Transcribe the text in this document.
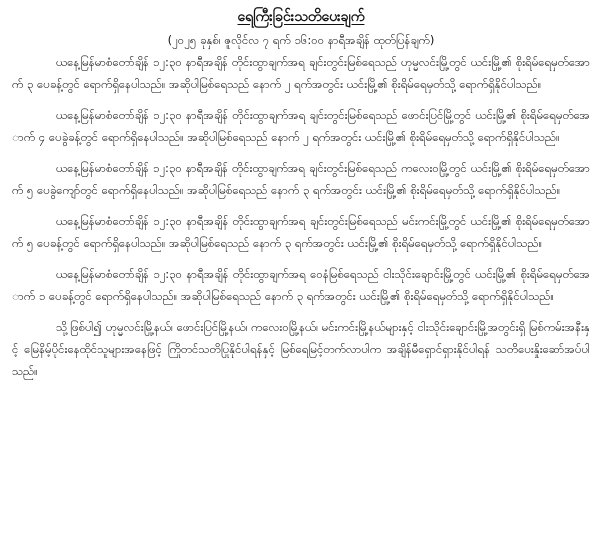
ရေကြီးခြင်းသတိပေးချက်
(၂၀၂၅ ခုနှစ်၊ ဇူလိုင်လ ၇ ရက် ၁၆:၀၀ နာရီအချိန် ထုတ်ပြန်ချက်)

ယနေ့မြန်မာစံတော်ချိန် ၁၂:၃၀ နာရီအချိန် တိုင်းထွာချက်အရ ချင်းတွင်းမြစ်ရေသည် ဟုမ္မလင်းမြို့တွင် ယင်းမြို့၏ စိုးရိမ်ရေမှတ်အောက် ၃ ပေခန့်တွင် ရောက်ရှိနေပါသည်။ အဆိုပါမြစ်ရေသည် နောက် ၂ ရက်အတွင်း ယင်းမြို့၏ စိုးရိမ်ရေမှတ်သို့ ရောက်ရှိနိုင်ပါသည်။

ယနေ့မြန်မာစံတော်ချိန် ၁၂:၃၀ နာရီအချိန် တိုင်းထွာချက်အရ ချင်းတွင်းမြစ်ရေသည် ဖောင်းပြင်မြို့တွင် ယင်းမြို့၏ စိုးရိမ်ရေမှတ်အောက် ၄ ပေခွဲခန့်တွင် ရောက်ရှိနေပါသည်။ အဆိုပါမြစ်ရေသည် နောက် ၂ ရက်အတွင်း ယင်းမြို့၏ စိုးရိမ်ရေမှတ်သို့ ရောက်ရှိနိုင်ပါသည်။

ယနေ့မြန်မာစံတော်ချိန် ၁၂:၃၀ နာရီအချိန် တိုင်းထွာချက်အရ ချင်းတွင်းမြစ်ရေသည် ကလေးဝမြို့တွင် ယင်းမြို့၏ စိုးရိမ်ရေမှတ်အောက် ၅ ပေခွဲကျော်တွင် ရောက်ရှိနေပါသည်။ အဆိုပါမြစ်ရေသည် နောက် ၃ ရက်အတွင်း ယင်းမြို့၏ စိုးရိမ်ရေမှတ်သို့ ရောက်ရှိနိုင်ပါသည်။

ယနေ့မြန်မာစံတော်ချိန် ၁၂:၃၀ နာရီအချိန် တိုင်းထွာချက်အရ ချင်းတွင်းမြစ်ရေသည် မင်းကင်းမြို့တွင် ယင်းမြို့၏ စိုးရိမ်ရေမှတ်အောက် ၅ ပေခန့်တွင် ရောက်ရှိနေပါသည်။ အဆိုပါမြစ်ရေသည် နောက် ၃ ရက်အတွင်း ယင်းမြို့၏ စိုးရိမ်ရေမှတ်သို့ ရောက်ရှိနိုင်ပါသည်။

ယနေ့မြန်မာစံတော်ချိန် ၁၂:၃၀ နာရီအချိန် တိုင်းထွာချက်အရ ဝေနံမြစ်ရေသည် ငါးသိုင်းချောင်းမြို့တွင် ယင်းမြို့၏ စိုးရိမ်ရေမှတ်အောက် ၁ ပေခန့်တွင် ရောက်ရှိနေပါသည်။ အဆိုပါမြစ်ရေသည် နောက် ၃ ရက်အတွင်း ယင်းမြို့၏ စိုးရိမ်ရေမှတ်သို့ ရောက်ရှိနိုင်ပါသည်။

သို့ဖြစ်ပါ၍ ဟုမ္မလင်းမြို့နယ်၊ ဖောင်းပြင်မြို့နယ်၊ ကလေးဝမြို့နယ်၊ မင်းကင်းမြို့နယ်များနှင့် ငါးသိုင်းချောင်းမြို့အတွင်းရှိ မြစ်ကမ်းအနီးနှင့် မြေနိမ့်ပိုင်းနေထိုင်သူများအနေဖြင့် ကြိုတင်သတိပြုနိုင်ပါရန်နှင့် မြစ်ရေမြင့်တက်လာပါက အချိန်မီရှောင်ရှားနိုင်ပါရန် သတိပေးနှိုးဆော်အပ်ပါသည်။
